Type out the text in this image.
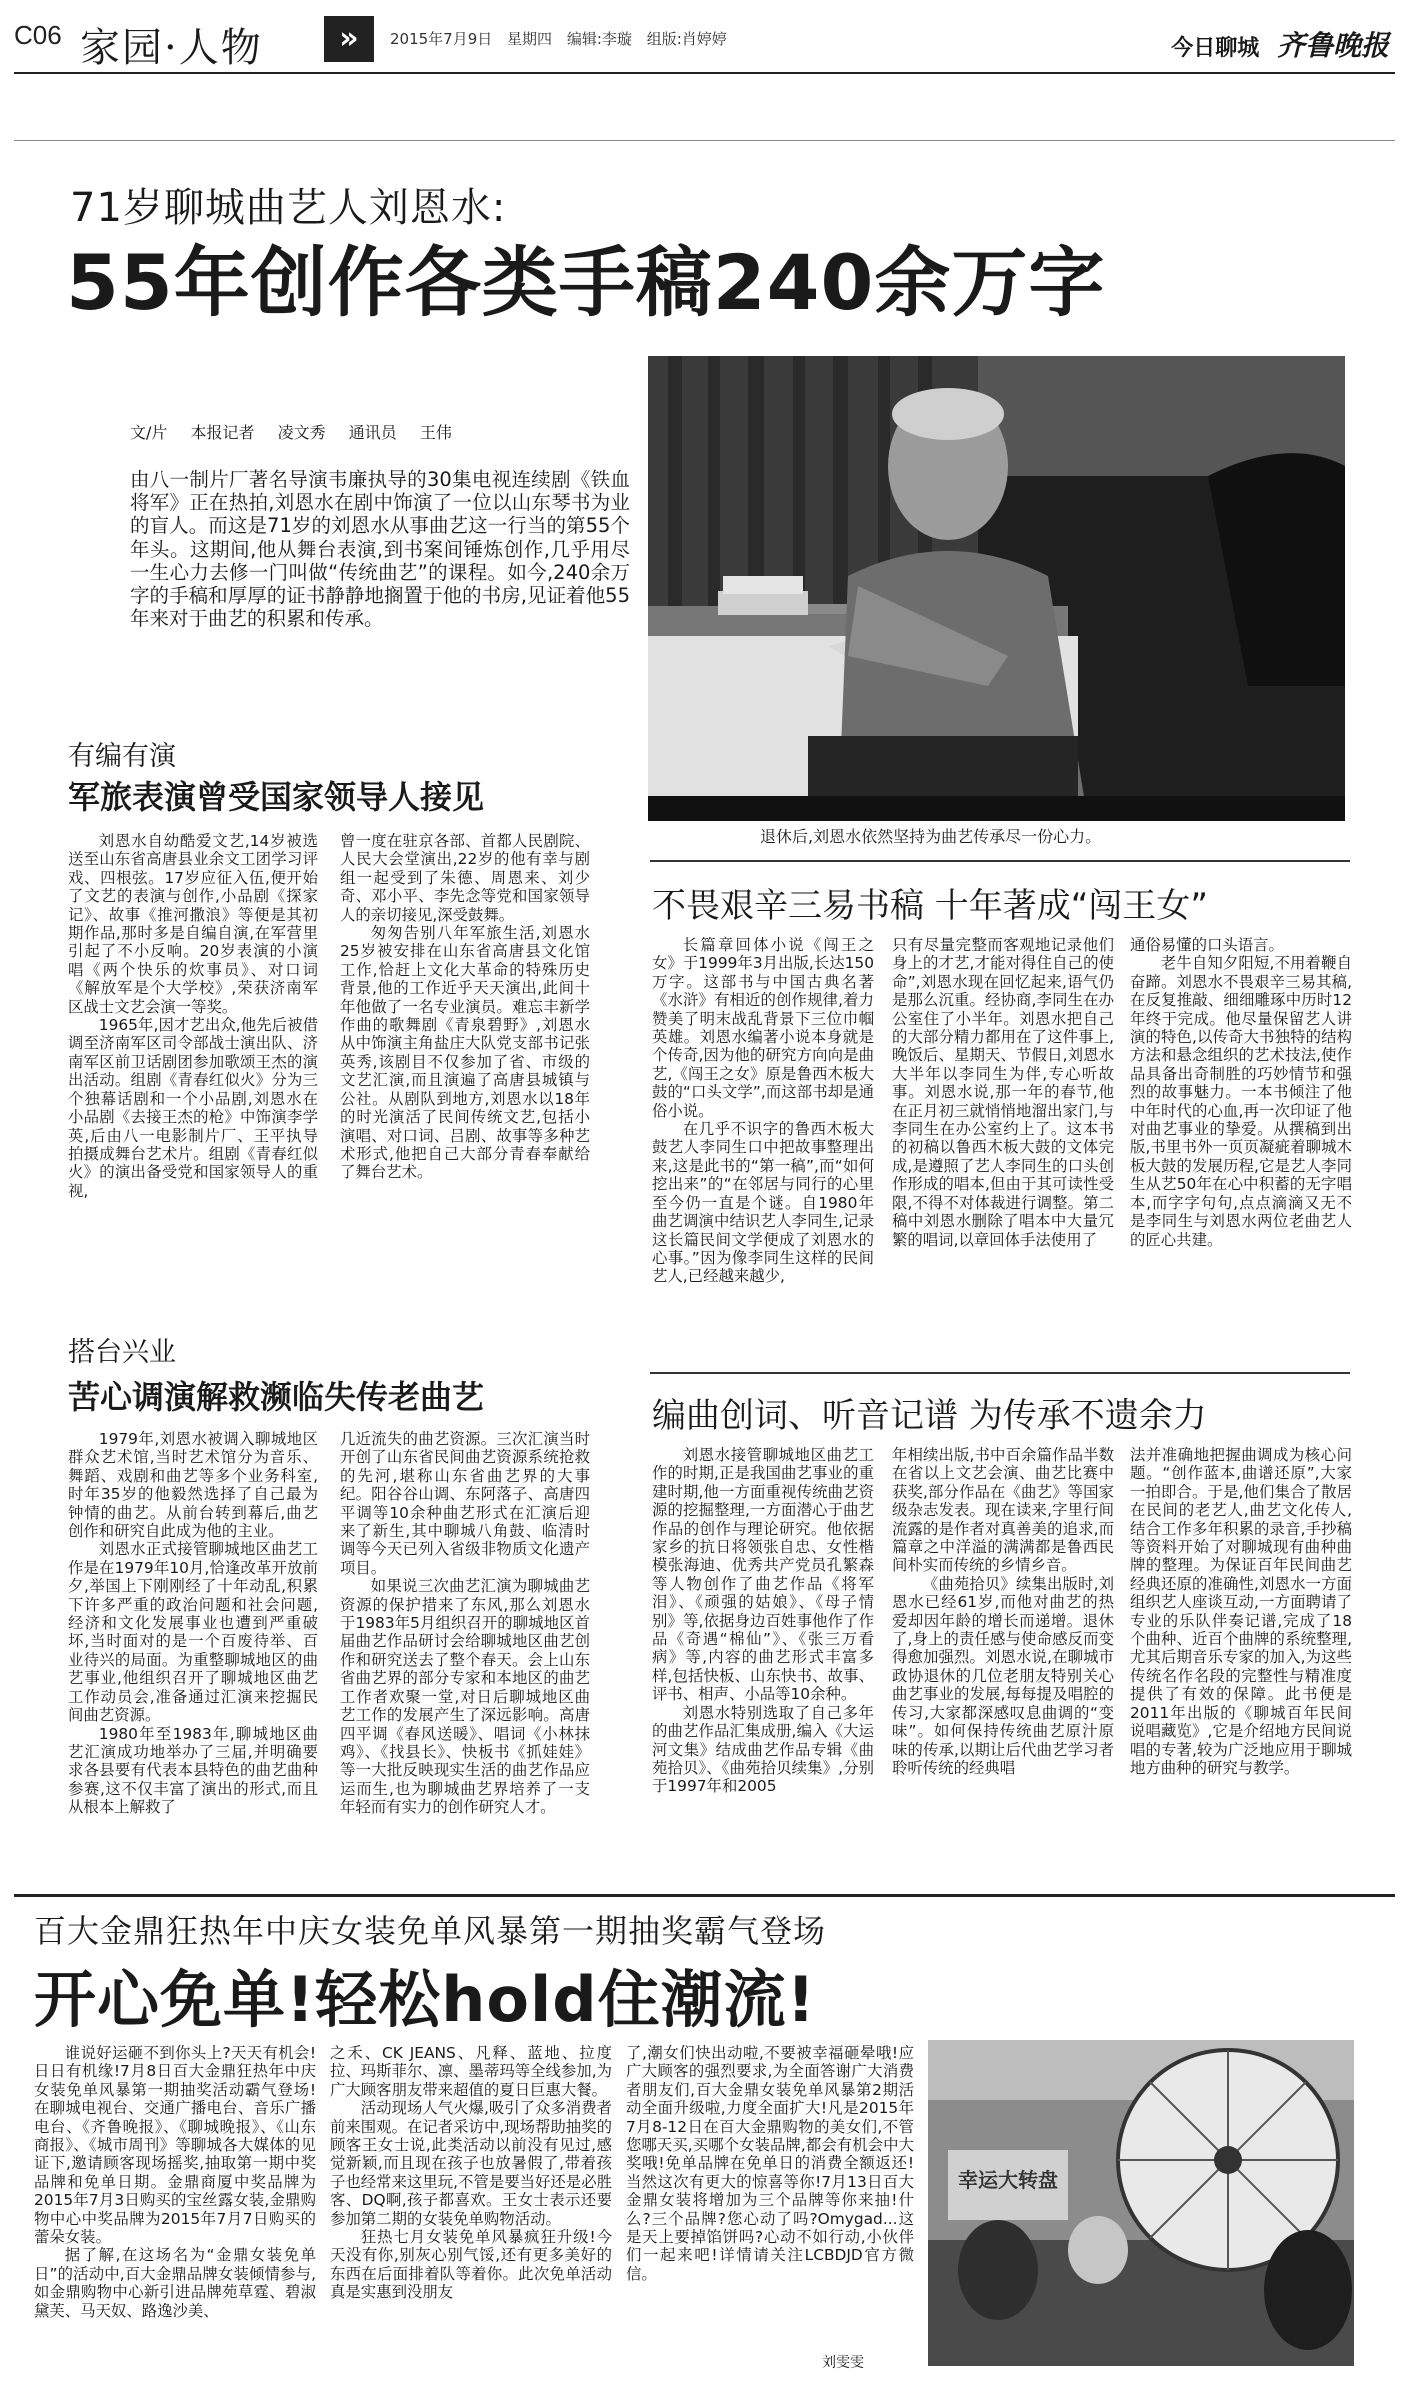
C06 家园·人物	»	2015年7月9日 星期四 编辑:李璇 组版:肖婷婷	今日聊城 齐鲁晚报
71岁聊城曲艺人刘恩水:
55年创作各类手稿240余万字
文/片 本报记者 凌文秀 通讯员 王伟
由八一制片厂著名导演韦廉执导的30集电视连续剧《铁血将军》正在热拍,刘恩水在剧中饰演了一位以山东琴书为业的盲人。而这是71岁的刘恩水从事曲艺这一行当的第55个年头。这期间,他从舞台表演,到书案间锤炼创作,几乎用尽一生心力去修一门叫做“传统曲艺”的课程。如今,240余万字的手稿和厚厚的证书静静地搁置于他的书房,见证着他55年来对于曲艺的积累和传承。
退休后,刘恩水依然坚持为曲艺传承尽一份心力。
有编有演
军旅表演曾受国家领导人接见

刘恩水自幼酷爱文艺,14岁被选送至山东省高唐县业余文工团学习评戏、四根弦。17岁应征入伍,便开始了文艺的表演与创作,小品剧《探家记》、故事《推河撒浪》等便是其初期作品,那时多是自编自演,在军营里引起了不小反响。20岁表演的小演唱《两个快乐的炊事员》、对口词《解放军是个大学校》,荣获济南军区战士文艺会演一等奖。

1965年,因才艺出众,他先后被借调至济南军区司令部战士演出队、济南军区前卫话剧团参加歌颂王杰的演出活动。组剧《青春红似火》分为三个独幕话剧和一个小品剧,刘恩水在小品剧《去接王杰的枪》中饰演李学英,后由八一电影制片厂、王平执导拍摄成舞台艺术片。组剧《青春红似火》的演出备受党和国家领导人的重视,

曾一度在驻京各部、首都人民剧院、人民大会堂演出,22岁的他有幸与剧组一起受到了朱德、周恩来、刘少奇、邓小平、李先念等党和国家领导人的亲切接见,深受鼓舞。

匆匆告别八年军旅生活,刘恩水25岁被安排在山东省高唐县文化馆工作,恰赶上文化大革命的特殊历史背景,他的工作近乎天天演出,此间十年他做了一名专业演员。难忘丰新学作曲的歌舞剧《青泉碧野》,刘恩水从中饰演主角盐庄大队党支部书记张英秀,该剧目不仅参加了省、市级的文艺汇演,而且演遍了高唐县城镇与公社。从剧队到地方,刘恩水以18年的时光演活了民间传统文艺,包括小演唱、对口词、吕剧、故事等多种艺术形式,他把自己大部分青春奉献给了舞台艺术。

搭台兴业
苦心调演解救濒临失传老曲艺

1979年,刘恩水被调入聊城地区群众艺术馆,当时艺术馆分为音乐、舞蹈、戏剧和曲艺等多个业务科室,时年35岁的他毅然选择了自己最为钟情的曲艺。从前台转到幕后,曲艺创作和研究自此成为他的主业。

刘恩水正式接管聊城地区曲艺工作是在1979年10月,恰逢改革开放前夕,举国上下刚刚经了十年动乱,积累下许多严重的政治问题和社会问题,经济和文化发展事业也遭到严重破坏,当时面对的是一个百废待举、百业待兴的局面。为重整聊城地区的曲艺事业,他组织召开了聊城地区曲艺工作动员会,准备通过汇演来挖掘民间曲艺资源。

1980年至1983年,聊城地区曲艺汇演成功地举办了三届,并明确要求各县要有代表本县特色的曲艺曲种参赛,这不仅丰富了演出的形式,而且从根本上解救了

几近流失的曲艺资源。三次汇演当时开创了山东省民间曲艺资源系统抢救的先河,堪称山东省曲艺界的大事纪。阳谷谷山调、东阿落子、高唐四平调等10余种曲艺形式在汇演后迎来了新生,其中聊城八角鼓、临清时调等今天已列入省级非物质文化遗产项目。

如果说三次曲艺汇演为聊城曲艺资源的保护措来了东风,那么刘恩水于1983年5月组织召开的聊城地区首届曲艺作品研讨会给聊城地区曲艺创作和研究送去了整个春天。会上山东省曲艺界的部分专家和本地区的曲艺工作者欢聚一堂,对日后聊城地区曲艺工作的发展产生了深远影响。高唐四平调《春风送暖》、唱词《小林抹鸡》、《找县长》、快板书《抓娃娃》等一大批反映现实生活的曲艺作品应运而生,也为聊城曲艺界培养了一支年轻而有实力的创作研究人才。

不畏艰辛三易书稿 十年著成“闯王女”

长篇章回体小说《闯王之女》于1999年3月出版,长达150万字。这部书与中国古典名著《水浒》有相近的创作规律,着力赞美了明末战乱背景下三位巾帼英雄。刘恩水编著小说本身就是个传奇,因为他的研究方向向是曲艺,《闯王之女》原是鲁西木板大鼓的“口头文学”,而这部书却是通俗小说。

在几乎不识字的鲁西木板大鼓艺人李同生口中把故事整理出来,这是此书的“第一稿”,而“如何挖出来”的“在邻居与同行的心里至今仍一直是个谜。自1980年曲艺调演中结识艺人李同生,记录这长篇民间文学便成了刘恩水的心事。”因为像李同生这样的民间艺人,已经越来越少,

只有尽量完整而客观地记录他们身上的才艺,才能对得住自己的使命”,刘恩水现在回忆起来,语气仍是那么沉重。经协商,李同生在办公室住了小半年。刘恩水把自己的大部分精力都用在了这件事上,晚饭后、星期天、节假日,刘恩水大半年以李同生为伴,专心听故事。刘恩水说,那一年的春节,他在正月初三就悄悄地溜出家门,与李同生在办公室约上了。这本书的初稿以鲁西木板大鼓的文体完成,是遵照了艺人李同生的口头创作形成的唱本,但由于其可读性受限,不得不对体裁进行调整。第二稿中刘恩水删除了唱本中大量冗繁的唱词,以章回体手法使用了

通俗易懂的口头语言。

老牛自知夕阳短,不用着鞭自奋蹄。刘恩水不畏艰辛三易其稿,在反复推敲、细细雕琢中历时12年终于完成。他尽量保留艺人讲演的特色,以传奇大书独特的结构方法和悬念组织的艺术技法,使作品具备出奇制胜的巧妙情节和强烈的故事魅力。一本书倾注了他中年时代的心血,再一次印证了他对曲艺事业的挚爱。从撰稿到出版,书里书外一页页凝疵着聊城木板大鼓的发展历程,它是艺人李同生从艺50年在心中积蓄的无字唱本,而字字句句,点点滴滴又无不是李同生与刘恩水两位老曲艺人的匠心共建。

编曲创词、听音记谱 为传承不遗余力

刘恩水接管聊城地区曲艺工作的时期,正是我国曲艺事业的重建时期,他一方面重视传统曲艺资源的挖掘整理,一方面潜心于曲艺作品的创作与理论研究。他依据家乡的抗日将领张自忠、女性楷模张海迪、优秀共产党员孔繁森等人物创作了曲艺作品《将军泪》、《顽强的姑娘》、《母子情别》等,依据身边百姓事他作了作品《奇遇“棉仙”》、《张三万看病》等,内容的曲艺形式丰富多样,包括快板、山东快书、故事、评书、相声、小品等10余种。

刘恩水特别选取了自己多年的曲艺作品汇集成册,编入《大运河文集》结成曲艺作品专辑《曲苑拾贝》、《曲苑拾贝续集》,分别于1997年和2005

年相续出版,书中百余篇作品半数在省以上文艺会演、曲艺比赛中获奖,部分作品在《曲艺》等国家级杂志发表。现在读来,字里行间流露的是作者对真善美的追求,而篇章之中洋溢的满满都是鲁西民间朴实而传统的乡情乡音。

《曲苑拾贝》续集出版时,刘恩水已经61岁,而他对曲艺的热爱却因年龄的增长而递增。退休了,身上的责任感与使命感反而变得愈加强烈。刘恩水说,在聊城市政协退休的几位老朋友特别关心曲艺事业的发展,每每提及唱腔的传习,大家都深感叹息曲调的“变味”。如何保持传统曲艺原汁原味的传承,以期让后代曲艺学习者聆听传统的经典唱

法并准确地把握曲调成为核心问题。“创作蓝本,曲谱还原”,大家一拍即合。于是,他们集合了散居在民间的老艺人,曲艺文化传人,结合工作多年积累的录音,手抄稿等资料开始了对聊城现有曲种曲牌的整理。为保证百年民间曲艺经典还原的准确性,刘恩水一方面组织艺人座谈互动,一方面聘请了专业的乐队伴奏记谱,完成了18个曲种、近百个曲牌的系统整理,尤其后期音乐专家的加入,为这些传统名作名段的完整性与精准度提供了有效的保障。此书便是2011年出版的《聊城百年民间说唱藏览》,它是介绍地方民间说唱的专著,较为广泛地应用于聊城地方曲种的研究与教学。

百大金鼎狂热年中庆女装免单风暴第一期抽奖霸气登场
开心免单!轻松hold住潮流!

谁说好运砸不到你头上?天天有机会!日日有机缘!7月8日百大金鼎狂热年中庆女装免单风暴第一期抽奖活动霸气登场!在聊城电视台、交通广播电台、音乐广播电台、《齐鲁晚报》、《聊城晚报》、《山东商报》、《城市周刊》等聊城各大媒体的见证下,邀请顾客现场摇奖,抽取第一期中奖品牌和免单日期。金鼎商厦中奖品牌为2015年7月3日购买的宝丝露女装,金鼎购物中心中奖品牌为2015年7月7日购买的蕾朵女装。

据了解,在这场名为“金鼎女装免单日”的活动中,百大金鼎品牌女装倾情参与,如金鼎购物中心新引进品牌苑草霆、碧淑黛芙、马天奴、路逸沙美、

之禾、CK JEANS、凡释、蓝地、拉度拉、玛斯菲尔、凛、墨蒂玛等全线参加,为广大顾客朋友带来超值的夏日巨惠大餐。

活动现场人气火爆,吸引了众多消费者前来围观。在记者采访中,现场帮助抽奖的顾客王女士说,此类活动以前没有见过,感觉新颖,而且现在孩子也放暑假了,带着孩子也经常来这里玩,不管是要当好还是必胜客、DQ啊,孩子都喜欢。王女士表示还要参加第二期的女装免单购物活动。

狂热七月女装免单风暴疯狂升级!今天没有你,别灰心别气馁,还有更多美好的东西在后面排着队等着你。此次免单活动真是实惠到没朋友

了,潮女们快出动啦,不要被幸福砸晕哦!应广大顾客的强烈要求,为全面答谢广大消费者朋友们,百大金鼎女装免单风暴第2期活动全面升级啦,力度全面扩大!凡是2015年7月8-12日在百大金鼎购物的美女们,不管您哪天买,买哪个女装品牌,都会有机会中大奖哦!免单品牌在免单日的消费全额返还!当然这次有更大的惊喜等你!7月13日百大金鼎女装将增加为三个品牌等你来抽!什么?三个品牌?您心动了吗?Omygad...这是天上要掉馅饼吗?心动不如行动,小伙伴们一起来吧!详情请关注LCBDJD官方微信。

刘雯雯
幸运大转盘
